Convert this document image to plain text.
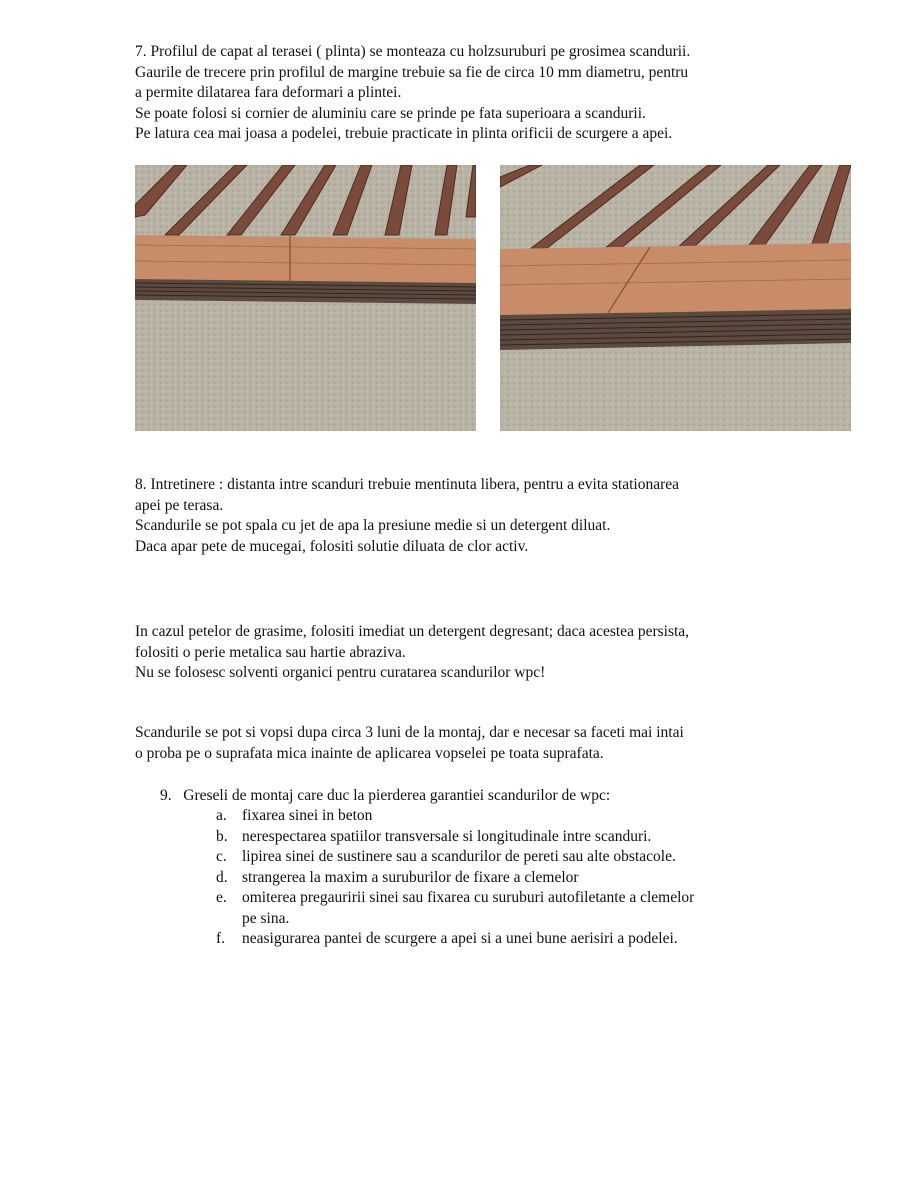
7. Profilul de capat al terasei ( plinta) se monteaza cu holzsuruburi pe grosimea scandurii.

Gaurile de trecere prin profilul de margine trebuie sa fie de circa 10 mm diametru, pentru

a permite dilatarea fara deformari a plintei.

Se poate folosi si cornier de aluminiu care se prinde pe fata superioara a scandurii.

Pe latura cea mai joasa a podelei, trebuie practicate in plinta orificii de scurgere a apei.

8. Intretinere : distanta intre scanduri trebuie mentinuta libera, pentru a evita stationarea

apei pe terasa.

Scandurile se pot spala cu jet de apa la presiune medie si un detergent diluat.

Daca apar pete de mucegai, folositi solutie diluata de clor activ.

In cazul petelor de grasime, folositi imediat un detergent degresant; daca acestea persista,

folositi o perie metalica sau hartie abraziva.

Nu se folosesc solventi organici pentru curatarea scandurilor wpc!

Scandurile se pot si vopsi dupa circa 3 luni de la montaj, dar e necesar sa faceti mai intai

o proba pe o suprafata mica inainte de aplicarea vopselei pe toata suprafata.

9. Greseli de montaj care duc la pierderea garantiei scandurilor de wpc:
a. fixarea sinei in beton
b. nerespectarea spatiilor transversale si longitudinale intre scanduri.
c. lipirea sinei de sustinere sau a scandurilor de pereti sau alte obstacole.
d. strangerea la maxim a suruburilor de fixare a clemelor
e. omiterea pregauririi sinei sau fixarea cu suruburi autofiletante a clemelor
pe sina.
f. neasigurarea pantei de scurgere a apei si a unei bune aerisiri a podelei.
